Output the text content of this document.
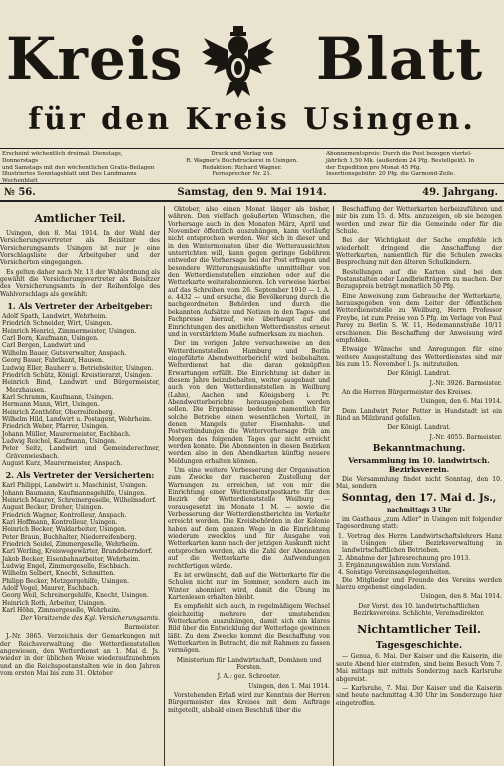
Kreis Blatt
für den Kreis Usingen.
Erscheint wöchentlich dreimal: Dienstags, Donnerstags
und Samstags mit den wöchentlichen Gratis-Beilagen
Illustriertes Sonntagsblatt und Des Landmanns
Wochenblatt
Druck und Verlag von
R. Wagner's Buchdruckerei in Usingen.
Redaktion: Richard Wagner.
Fernsprecher Nr. 21.
Abonnementspreis: Durch die Post bezogen viertel-
jährlich 1,50 Mk. (außerdem 24 Pfg. Bestellgeld). In
der Expedition pro Monat 45 Pfg.
Insertionsgebühr: 20 Pfg. die Garmond-Zeile.
№ 56.	Samstag, den 9. Mai 1914.	49. Jahrgang.
Amtlicher Teil.

Usingen, den 8. Mai 1914. In der Wahl der Versicherungsvertreter als Beisitzer des Versicherungsamts Usingen ist nur je eine Vorschlagsliste der Arbeitgeber und der Versicherten eingegangen.

Es gelten daher nach Nr. 13 der Wahlordnung als gewählt die Versicherungsvertreter als Beisitzer des Versicherungsamts in der Reihenfolge des Wahlvorschlags als gewählt:

1. Als Vertreter der Arbeitgeber:
Adolf Spath, Landwirt, Wehrheim.
Friedrich Schneider, Wirt, Usingen.
Heinrich Henrici, Zimmermeister, Usingen.
Carl Born, Kaufmann, Usingen.
Carl Bergen, Landwirt und
Wilhelm Bauer, Gutsverwalter, Anspach.
Georg Bauer, Fabrikant, Hausen.
Ludwig Eller, Bauherr u. Betriebsleiter, Usingen.
Friedrich Schütz, Königl. Kreistierarzt, Usingen.
Heinrich Bind, Landwirt und Bürgermeister, Merzhausen.
Karl Schramm, Kaufmann, Usingen.
Hermann Mann, Wirt, Usingen.
Heinrich Zenthöfer, Oberreifenberg.
Wilhelm Hild, Landwirt u. Postagent, Wehrheim.
Friedrich Weber, Pfarrer, Usingen.
Johann Müller, Maurermeister, Eschbach.
Ludwig Reichel, Kaufmann, Usingen.
Peter Seitz, Landwirt und Gemeinderechner, Grävenwiesbach.
August Kurz, Maurermeister, Anspach.
2. Als Vertreter der Versicherten:
Karl Philippi, Landwirt u. Maschinist, Usingen.
Johann Baumann, Kaufmannsgehilfe, Usingen.
Heinrich Maurer, Schreinergeselle, Wilhelmsdorf.
August Becker, Dreher, Usingen.
Friedrich Wagner, Kontrolleur, Anspach.
Karl Hoffmann, Kontrolleur, Usingen.
Heinrich Becker, Waldarbeiter, Usingen.
Peter Braun, Buchhalter, Niederreifenberg.
Friedrich Seidel, Zimmergeselle, Wehrheim.
Karl Werling, Kreiswegewärter, Brandoberndorf.
Jakob Becker, Eisenbahnarbeiter, Wehrheim.
Ludwig Engel, Zimmergeselle, Eschbach.
Wilhelm Selbert, Knecht, Schmitten.
Philipp Becker, Metzgergehilfe, Usingen.
Adolf Vogel, Maurer, Eschbach.
Georg Weil, Schreinergehilfe, Knecht, Usingen.
Heinrich Roth, Arbeiter, Usingen.
Karl Höhn, Zimmergeselle, Wehrheim.

Der Vorsitzende des Kgl. Versicherungsamts.

Barmeister.

J.-Nr. 3865. Verzeichnis der Gemarkungen mit der Reichsverwaltung die Wetterdienststellen angewiesen, den Wetterdienst an 1. Mai d. Js. wieder in der üblichen Weise wiederaufzunehmen und an die Reichspostanstalten wie in den Jahren vom ersten Mai bis zum 31. Oktober

Oktober, also einen Monat länger als bisher, währen. Den vielfach geäußerten Wünschen, die Vorhersage auch in den Monaten März, April und November öffentlich auszuhängen, kann vorläufig nicht entsprochen werden. Wer sich in dieser und in den Wintermonaten über die Wetteraussichten unterrichten will, kann gegen geringe Gebühren entweder die Vorhersage bei der Post erfragen und besondere Witterungsauskünfte unmittelbar von den Wetterdienststellen einziehen oder auf die Wetterkarte weiterabonnieren. Ich verweise hierbei auf das Schreiben vom 26. September 1910 — I. A. e. 4432 — und ersuche, die Bevölkerung durch die nachgeordneten Behörden und durch die bekannten Aufsätze und Notizen in den Tages- und Fachpresse hierauf, wie überhaupt auf die Einrichtungen des amtlichen Wetterdienstes erneut und in verstärktem Maße aufmerksam zu machen.

Der im vorigen Jahre versuchsweise an den Wetterdienststellen Hamburg und Berlin eingeführte Abendwetterbericht wird beibehalten. Wetterdienst hat die daran geknüpften Erwartungen erfüllt. Die Einrichtung ist daher in diesem Jahre beizubehalten, weiter ausgebaut und auch von den Wetterdienststellen in Weilburg (Lahn), Aachen und Königsberg i. Pr. Abendwetterberichte herausgegeben werden sollen. Die Ergebnisse bedeuten namentlich für solche Betriebe einen wesentlichen Vorteil, in denen Mangels guter Eisenbahn- und Postverbindungen die Wettervorhersage früh am Morgen des folgenden Tages gar nicht erreicht werden konnte. Die Abonnenten in diesen Bezirken werden also in den Abendkarten künftig neuere Meldungen erhalten können.

Um eine weitere Verbesserung der Organisation zum Zwecke der rascheren Zustellung der Warnungen zu erreichen, ist von mir die Einrichtung einer Wetterdienstpostkarte für den Bezirk der Wetterdienststelle Weilburg — vorausgesetzt im Monate 1 M. — sowie die Verbesserung der Wetterdienstberichte im Verkehr erreicht worden. Die Kreisbehörden in der Kolonie haben auf dem ganzen Wege in die Einrichtung wiederum zwecklos und für Ausgabe von Wetterkarten kann nach der jetzigen Auskunft nicht entsprochen werden, als die Zahl der Abonnenten auf die Wetterkarte die Aufwendungen rechtfertigen würde.

Es ist erwünscht, daß auf die Wetterkarte für die Schulen nicht nur im Sommer, sondern auch im Winter abonniert wird, damit die Übung im Kartenlesen erhalten bleibt.

Es empfiehlt sich auch, in regelmäßigem Wechsel gleichzeitig mehrere der umstehenden Wetterkarten auszuhängen, damit sich ein klares Bild über die Entwicklung der Wetterlage gewinnen läßt. Zu dem Zwecke kommt die Beschaffung von Wetterkarten in Betracht, die mit Rahmen zu fassen vermögen.

Ministerium für Landwirtschaft, Domänen und Forsten.

J. A.: gez. Schroeter.

Usingen, den 1. Mai 1914.

Vorstehenden Erlaß wird zur Kenntnis der Herren Bürgermeister des Kreises mit dem Auftrage mitgeteilt, alsbald einen Beschluß über die

Beschaffung der Wetterkarten herbeizuführen und mir bis zum 15. d. Mts. anzuzeigen, ob sie bezogen werden und zwar für die Gemeinde oder für die Schule.

Bei der Wichtigkeit der Sache empfehle ich wiederholt dringend die Anschaffung der Wetterkarten, namentlich für die Schulen zwecks Besprechung mit den älteren Schulkindern.

Bestellungen auf die Karten sind bei den Postanstalten oder Landbriefträgern zu machen. Der Bezugspreis beträgt monatlich 50 Pfg.

Eine Anweisung zum Gebrauche der Wetterkarte, herausgegeben von dem Leiter der öffentlichen Wetterdienststelle zu Weilburg, Herrn Professor Freybe, ist zum Preise von 5 Pfg. im Verlage von Paul Parey zu Berlin S. W. 11, Hedemannstraße 10/11 erschienen. Die Beschaffung der Anweisung wird empfohlen.

Etwaige Wünsche und Anregungen für eine weitere Ausgestaltung des Wetterdienstes sind mir bis zum 15. November l. Js. mitzuteilen.

Der Königl. Landrat.

J.-Nr. 3926. Barmeister.

An die Herren Bürgermeister des Kreises.

Usingen, den 6. Mai 1914.

Dem Landwirt Peter Petter in Hundstadt ist ein Rind an Milzbrand gefallen.

Der Königl. Landrat.

J.-Nr. 4055. Barmeister.

Bekanntmachung.

Versammlung im 10. landwirtsch. Bezirksverein.

Die Versammlung findet nicht Sonntag, den 10. Mai, sondern

Sonntag, den 17. Mai d. Js.,

nachmittags 3 Uhr

im Gasthaus „zum Adler" in Usingen mit folgender Tagesordnung statt:

1. Vortrag des Herrn Landwirtschaftslehrers Hanz in Usingen über Bezirksverwaltung in landwirtschaftlichen Betrieben.
2. Abnahme der Jahresrechnung pro 1913.
3. Ergänzungswahlen zum Vorstand.
4. Sonstige Vereinsangelegenheiten.

Die Mitglieder und Freunde des Vereins werden hierzu ergebenst eingeladen.

Usingen, den 8. Mai 1914.

Der Vorst. des 10. landwirtschaftlichen Bezirksvereins. Schlichte, Vereinsdirektor.

Nichtamtlicher Teil.
Tagesgeschichte.

— Genua, 6. Mai. Der Kaiser und die Kaiserin, die seute Abend hier eintrafen, sind beim Besuch Vom 7. Mai mittags mit mittels Sonderzug nach Karlsruhe abgereist.

— Karlsruhe, 7. Mai. Der Kaiser und die Kaiserin sind heute nachmittag 4.30 Uhr im Sonderzuge hier eingetroffen.
